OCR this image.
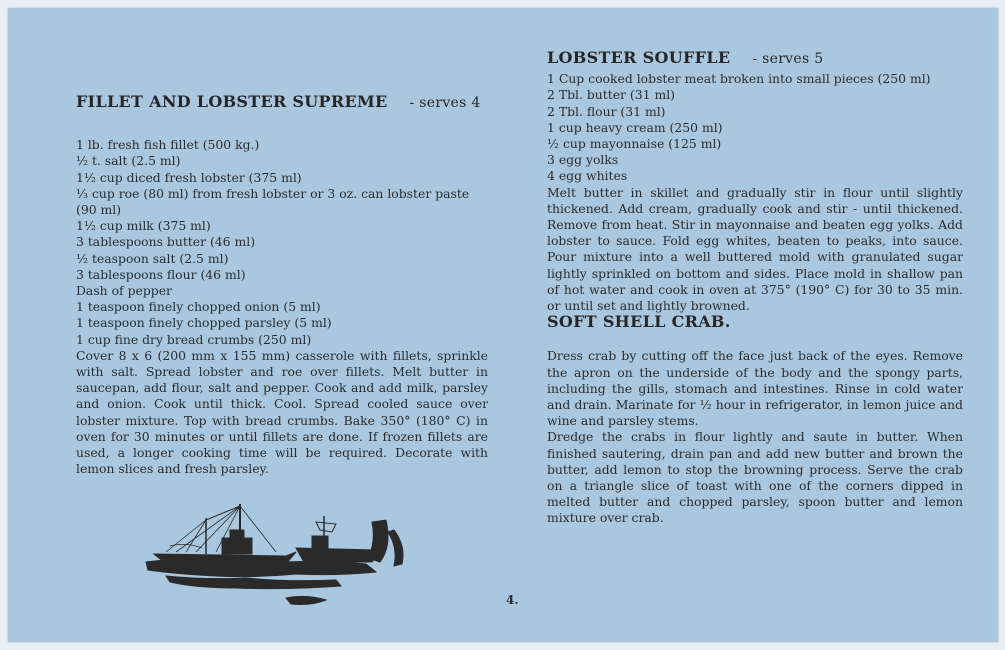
FILLET AND LOBSTER SUPREME - serves 4
1 lb. fresh fish fillet (500 kg.)
½ t. salt (2.5 ml)
1½ cup diced fresh lobster (375 ml)
⅓ cup roe (80 ml) from fresh lobster or 3 oz. can lobster paste (90 ml)
1½ cup milk (375 ml)
3 tablespoons butter (46 ml)
½ teaspoon salt (2.5 ml)
3 tablespoons flour (46 ml)
Dash of pepper
1 teaspoon finely chopped onion (5 ml)
1 teaspoon finely chopped parsley (5 ml)
1 cup fine dry bread crumbs (250 ml)

Cover 8 x 6 (200 mm x 155 mm) casserole with fillets, sprinkle with salt. Spread lobster and roe over fillets. Melt butter in saucepan, add flour, salt and pepper. Cook and add milk, parsley and onion. Cook until thick. Cool. Spread cooled sauce over lobster mixture. Top with bread crumbs. Bake 350° (180° C) in oven for 30 minutes or until fillets are done. If frozen fillets are used, a longer cooking time will be required. Decorate with lemon slices and fresh parsley.

LOBSTER SOUFFLE - serves 5
1 Cup cooked lobster meat broken into small pieces (250 ml)
2 Tbl. butter (31 ml)
2 Tbl. flour (31 ml)
1 cup heavy cream (250 ml)
½ cup mayonnaise (125 ml)
3 egg yolks
4 egg whites

Melt butter in skillet and gradually stir in flour until slightly thickened. Add cream, gradually cook and stir - until thickened. Remove from heat. Stir in mayonnaise and beaten egg yolks. Add lobster to sauce. Fold egg whites, beaten to peaks, into sauce. Pour mixture into a well buttered mold with granulated sugar lightly sprinkled on bottom and sides. Place mold in shallow pan of hot water and cook in oven at 375° (190° C) for 30 to 35 min. or until set and lightly browned.

SOFT SHELL CRAB.

Dress crab by cutting off the face just back of the eyes. Remove the apron on the underside of the body and the spongy parts, including the gills, stomach and intestines. Rinse in cold water and drain. Marinate for ½ hour in refrigerator, in lemon juice and wine and parsley stems.

Dredge the crabs in flour lightly and saute in butter. When finished sautering, drain pan and add new butter and brown the butter, add lemon to stop the browning process. Serve the crab on a triangle slice of toast with one of the corners dipped in melted butter and chopped parsley, spoon butter and lemon mixture over crab.

4.
